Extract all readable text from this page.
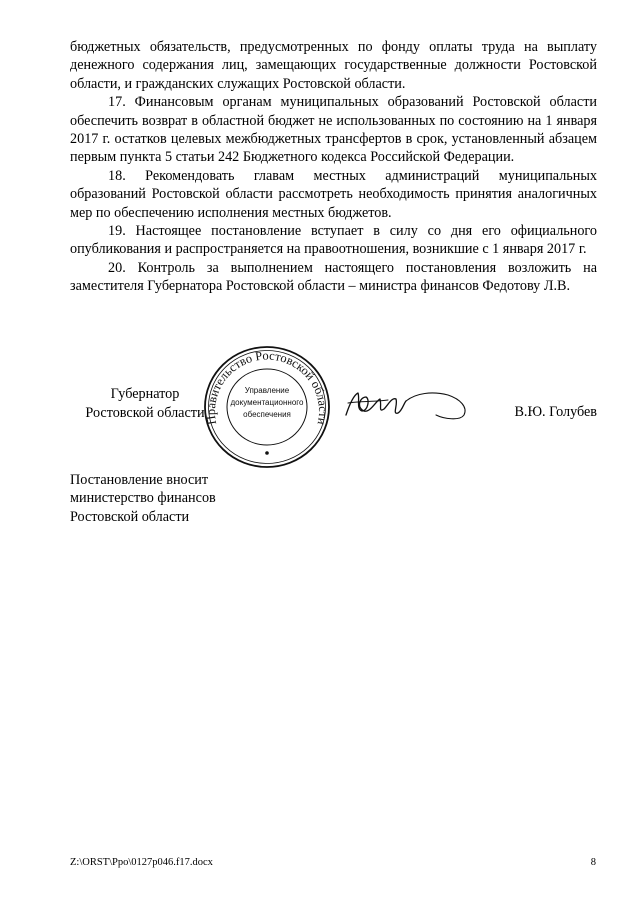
бюджетных обязательств, предусмотренных по фонду оплаты труда на выплату денежного содержания лиц, замещающих государственные должности Ростовской области, и гражданских служащих Ростовской области.

17. Финансовым органам муниципальных образований Ростовской области обеспечить возврат в областной бюджет не использованных по состоянию на 1 января 2017 г. остатков целевых межбюджетных трансфертов в срок, установленный абзацем первым пункта 5 статьи 242 Бюджетного кодекса Российской Федерации.

18. Рекомендовать главам местных администраций муниципальных образований Ростовской области рассмотреть необходимость принятия аналогичных мер по обеспечению исполнения местных бюджетов.

19. Настоящее постановление вступает в силу со дня его официального опубликования и распространяется на правоотношения, возникшие с 1 января 2017 г.

20. Контроль за выполнением настоящего постановления возложить на заместителя Губернатора Ростовской области – министра финансов Федотову Л.В.

Губернатор
Ростовской области Правительство Ростовской области
Управление
документационного
обеспечения	В.Ю. Голубев
Постановление вносит
министерство финансов
Ростовской области
Z:\ORST\Ppo\0127p046.f17.docx	8
